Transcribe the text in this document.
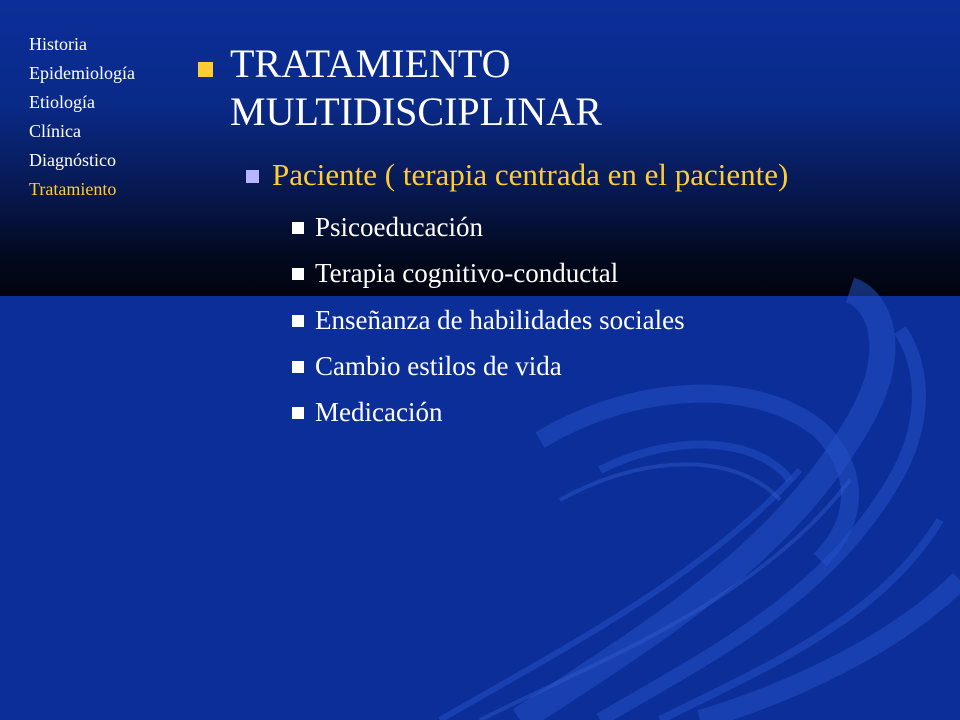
Historia
Epidemiología
Etiología
Clínica
Diagnóstico
Tratamiento
TRATAMIENTO MULTIDISCIPLINAR
Paciente ( terapia centrada en el paciente)
Psicoeducación
Terapia cognitivo-conductal
Enseñanza de habilidades sociales
Cambio estilos de vida
Medicación
